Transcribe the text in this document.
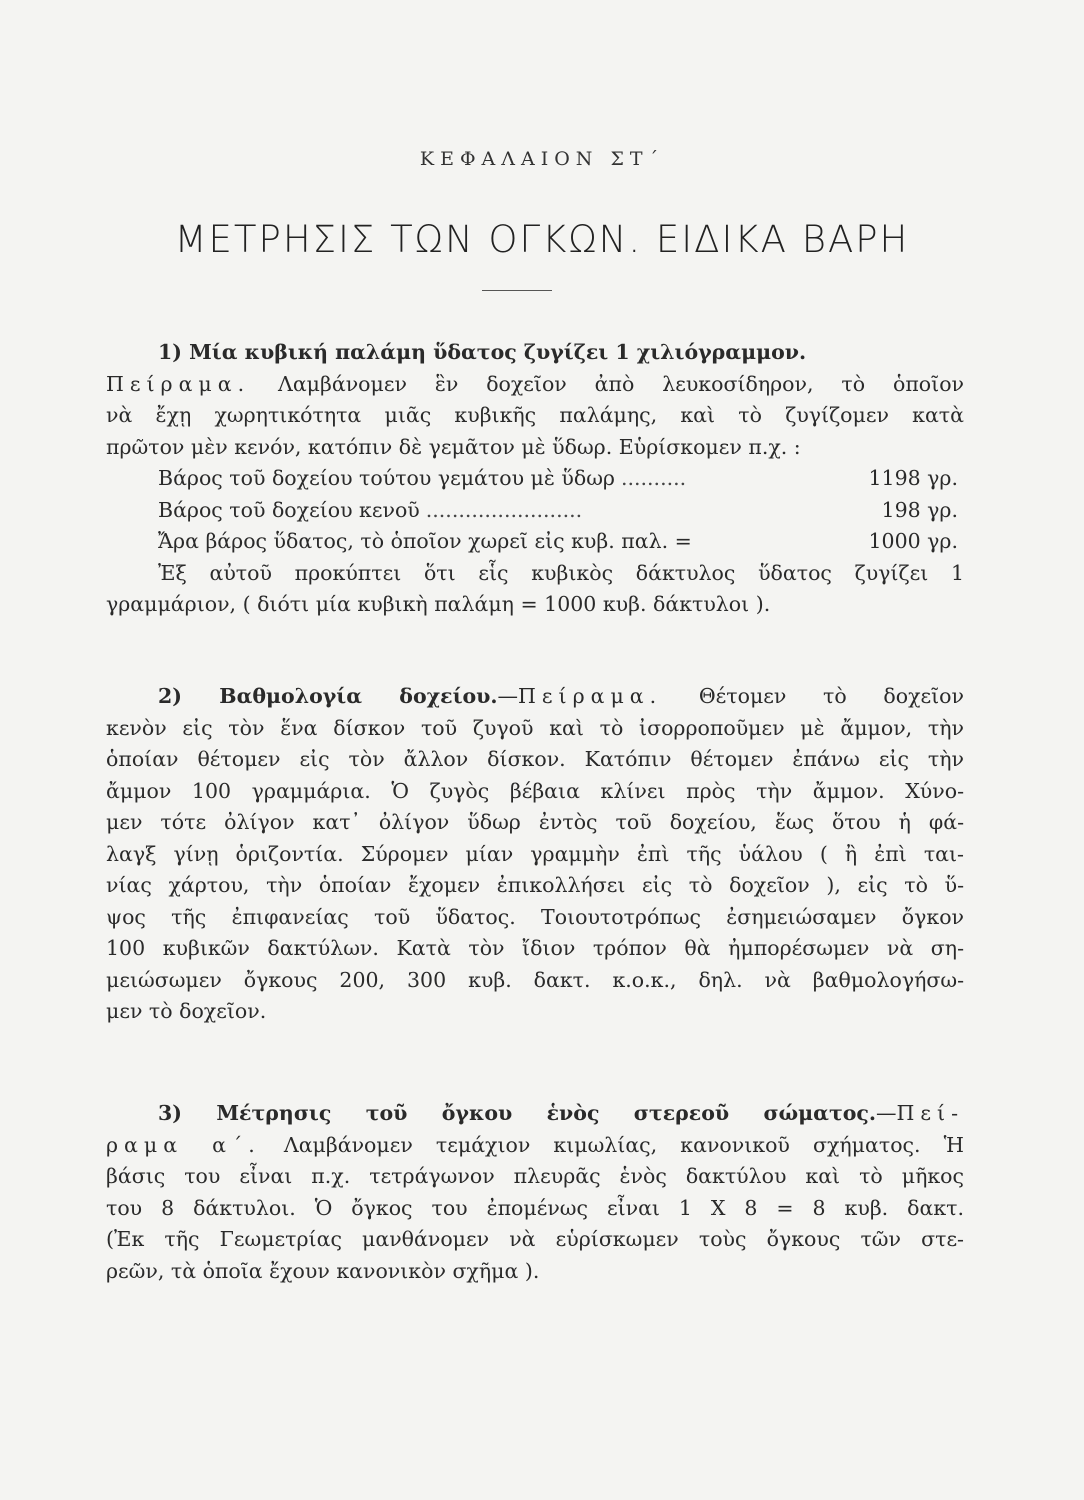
ΚΕΦΑΛΑΙΟΝ ΣΤ΄
ΜΕΤΡΗΣΙΣ ΤΩΝ ΟΓΚΩΝ. ΕΙΔΙΚΑ ΒΑΡΗ
1) Μία κυβική παλάμη ὕδατος ζυγίζει 1 χιλιόγραμμον.
Πείραμα. Λαμβάνομεν ἓν δοχεῖον ἀπὸ λευκοσίδηρον, τὸ ὁποῖον
νὰ ἔχῃ χωρητικότητα μιᾶς κυβικῆς παλάμης, καὶ τὸ ζυγίζομεν κατὰ
πρῶτον μὲν κενόν, κατόπιν δὲ γεμᾶτον μὲ ὕδωρ. Εὑρίσκομεν π.χ. :
Βάρος τοῦ δοχείου τούτου γεμάτου μὲ ὕδωρ ..........	1198 γρ.
Βάρος τοῦ δοχείου κενοῦ ........................	198 γρ.
Ἄρα βάρος ὕδατος, τὸ ὁποῖον χωρεῖ εἰς κυβ. παλ. =	1000 γρ.
Ἐξ αὐτοῦ προκύπτει ὅτι εἷς κυβικὸς δάκτυλος ὕδατος ζυγίζει 1
γραμμάριον, ( διότι μία κυβικὴ παλάμη = 1000 κυβ. δάκτυλοι ).
2) Βαθμολογία δοχείου.—Πείραμα. Θέτομεν τὸ δοχεῖον
κενὸν εἰς τὸν ἕνα δίσκον τοῦ ζυγοῦ καὶ τὸ ἰσορροποῦμεν μὲ ἄμμον, τὴν
ὁποίαν θέτομεν εἰς τὸν ἄλλον δίσκον. Κατόπιν θέτομεν ἐπάνω εἰς τὴν
ἄμμον 100 γραμμάρια. Ὁ ζυγὸς βέβαια κλίνει πρὸς τὴν ἄμμον. Χύνο-
μεν τότε ὀλίγον κατ᾽ ὀλίγον ὕδωρ ἐντὸς τοῦ δοχείου, ἕως ὅτου ἡ φά-
λαγξ γίνῃ ὁριζοντία. Σύρομεν μίαν γραμμὴν ἐπὶ τῆς ὑάλου ( ἢ ἐπὶ ται-
νίας χάρτου, τὴν ὁποίαν ἔχομεν ἐπικολλήσει εἰς τὸ δοχεῖον ), εἰς τὸ ὕ-
ψος τῆς ἐπιφανείας τοῦ ὕδατος. Τοιουτοτρόπως ἐσημειώσαμεν ὄγκον
100 κυβικῶν δακτύλων. Κατὰ τὸν ἴδιον τρόπον θὰ ἠμπορέσωμεν νὰ ση-
μειώσωμεν ὄγκους 200, 300 κυβ. δακτ. κ.ο.κ., δηλ. νὰ βαθμολογήσω-
μεν τὸ δοχεῖον.
3) Μέτρησις τοῦ ὄγκου ἑνὸς στερεοῦ σώματος.—Πεί-
ραμα α΄. Λαμβάνομεν τεμάχιον κιμωλίας, κανονικοῦ σχήματος. Ἡ
βάσις του εἶναι π.χ. τετράγωνον πλευρᾶς ἑνὸς δακτύλου καὶ τὸ μῆκος
του 8 δάκτυλοι. Ὁ ὄγκος του ἐπομένως εἶναι 1 Χ 8 = 8 κυβ. δακτ.
(Ἐκ τῆς Γεωμετρίας μανθάνομεν νὰ εὑρίσκωμεν τοὺς ὄγκους τῶν στε-
ρεῶν, τὰ ὁποῖα ἔχουν κανονικὸν σχῆμα ).
